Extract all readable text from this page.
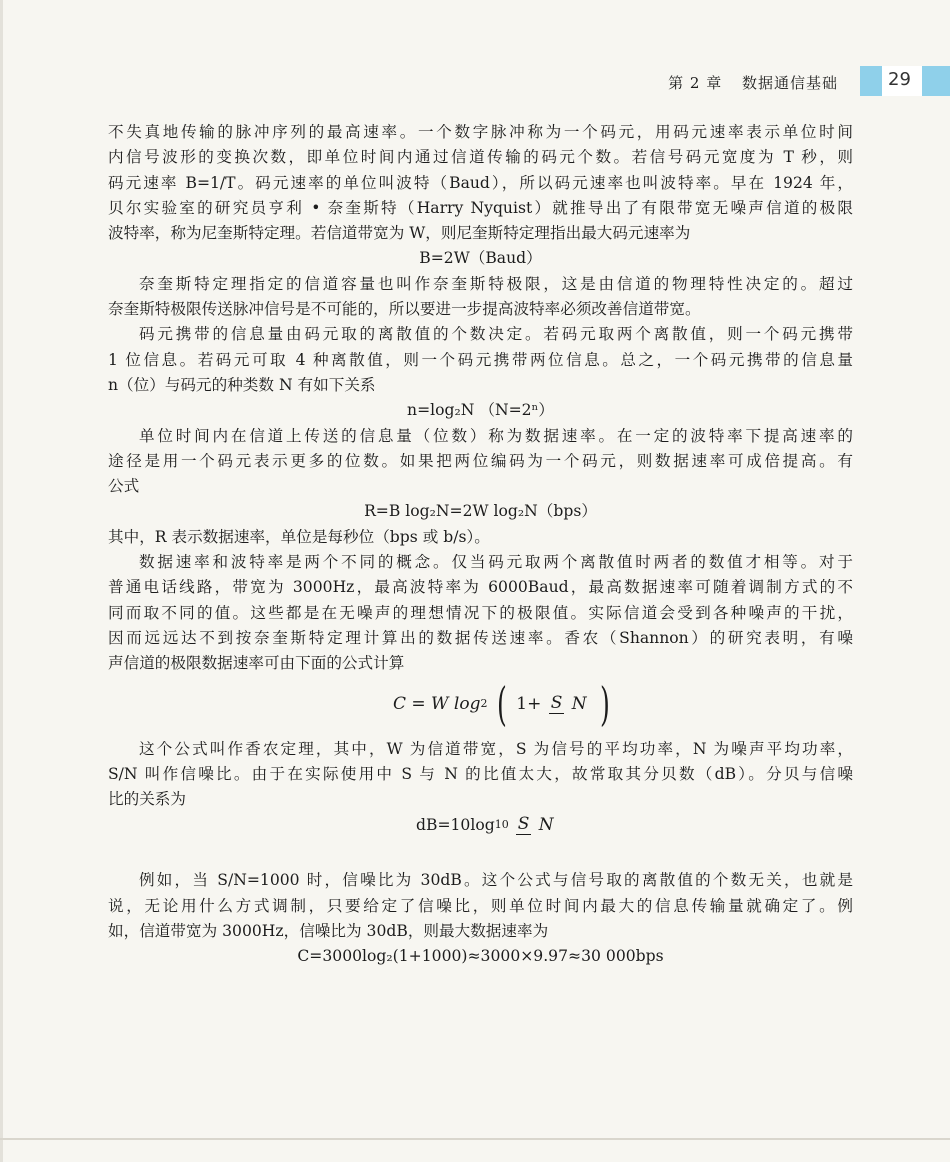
第 2 章 数据通信基础	29
不失真地传输的脉冲序列的最高速率。一个数字脉冲称为一个码元，用码元速率表示单位时间
内信号波形的变换次数，即单位时间内通过信道传输的码元个数。若信号码元宽度为 T 秒，则
码元速率 B=1/T。码元速率的单位叫波特（Baud），所以码元速率也叫波特率。早在 1924 年，
贝尔实验室的研究员亨利 • 奈奎斯特（Harry Nyquist）就推导出了有限带宽无噪声信道的极限
波特率，称为尼奎斯特定理。若信道带宽为 W，则尼奎斯特定理指出最大码元速率为
B=2W（Baud）
奈奎斯特定理指定的信道容量也叫作奈奎斯特极限，这是由信道的物理特性决定的。超过
奈奎斯特极限传送脉冲信号是不可能的，所以要进一步提高波特率必须改善信道带宽。
码元携带的信息量由码元取的离散值的个数决定。若码元取两个离散值，则一个码元携带
1 位信息。若码元可取 4 种离散值，则一个码元携带两位信息。总之，一个码元携带的信息量
n（位）与码元的种类数 N 有如下关系
n=log₂N （N=2ⁿ）
单位时间内在信道上传送的信息量（位数）称为数据速率。在一定的波特率下提高速率的
途径是用一个码元表示更多的位数。如果把两位编码为一个码元，则数据速率可成倍提高。有
公式
R=B log₂N=2W log₂N（bps）
其中，R 表示数据速率，单位是每秒位（bps 或 b/s）。
数据速率和波特率是两个不同的概念。仅当码元取两个离散值时两者的数值才相等。对于
普通电话线路，带宽为 3000Hz，最高波特率为 6000Baud，最高数据速率可随着调制方式的不
同而取不同的值。这些都是在无噪声的理想情况下的极限值。实际信道会受到各种噪声的干扰，
因而远远达不到按奈奎斯特定理计算出的数据传送速率。香农（Shannon）的研究表明，有噪
声信道的极限数据速率可由下面的公式计算
C = W log2 ( 1+ S N )
这个公式叫作香农定理，其中，W 为信道带宽，S 为信号的平均功率，N 为噪声平均功率，
S/N 叫作信噪比。由于在实际使用中 S 与 N 的比值太大，故常取其分贝数（dB）。分贝与信噪
比的关系为
dB=10log10 S N
例如，当 S/N=1000 时，信噪比为 30dB。这个公式与信号取的离散值的个数无关，也就是
说，无论用什么方式调制，只要给定了信噪比，则单位时间内最大的信息传输量就确定了。例
如，信道带宽为 3000Hz，信噪比为 30dB，则最大数据速率为
C=3000log₂(1+1000)≈3000×9.97≈30 000bps
